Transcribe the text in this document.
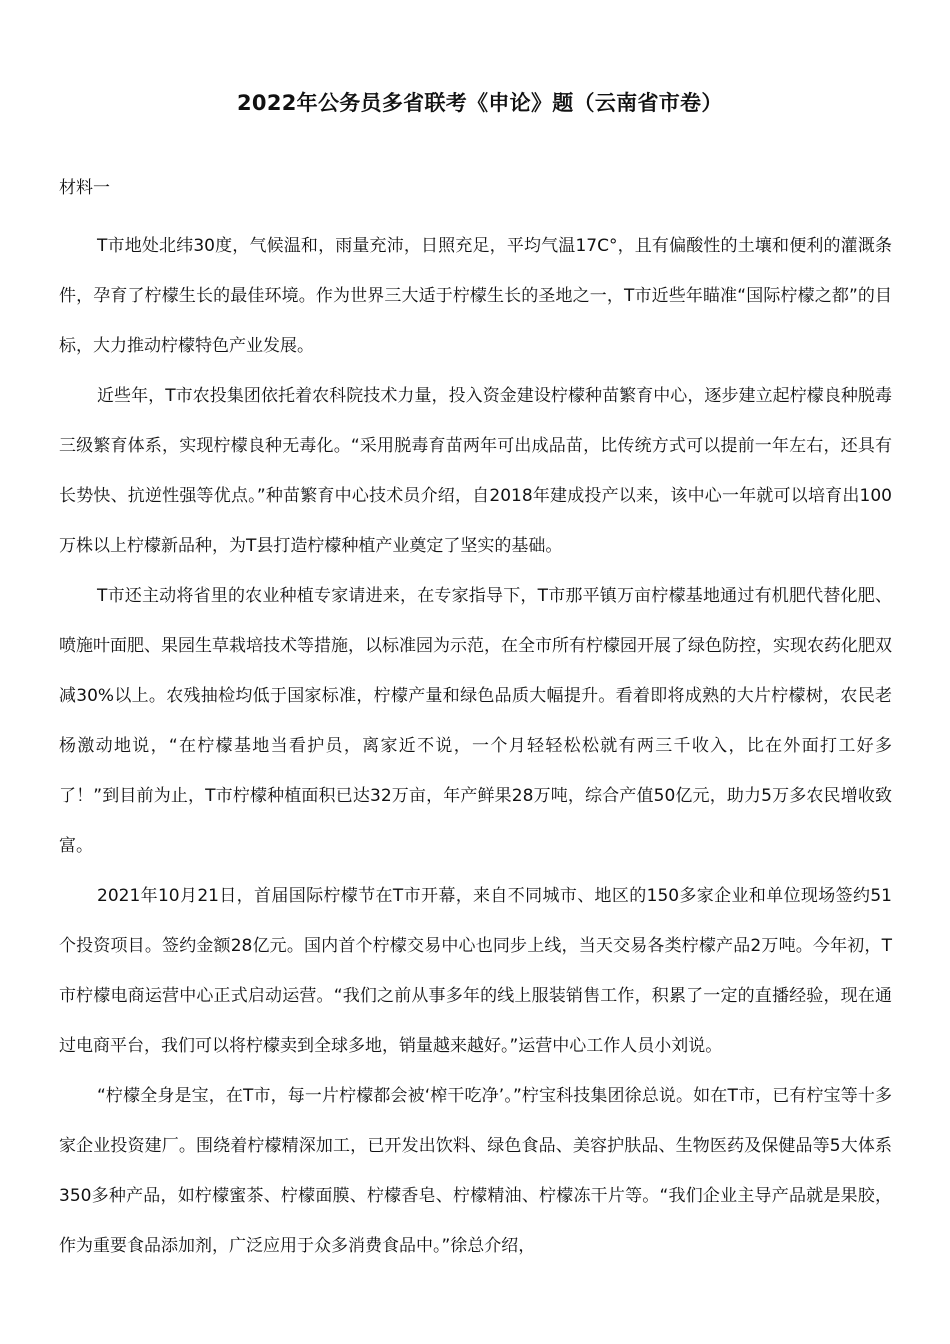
2022年公务员多省联考《申论》题（云南省市卷）

材料一

T市地处北纬30度，气候温和，雨量充沛，日照充足，平均气温17C°，且有偏酸性的土壤和便利的灌溉条件，孕育了柠檬生长的最佳环境。作为世界三大适于柠檬生长的圣地之一，T市近些年瞄准“国际柠檬之都”的目标，大力推动柠檬特色产业发展。

近些年，T市农投集团依托着农科院技术力量，投入资金建设柠檬种苗繁育中心，逐步建立起柠檬良种脱毒三级繁育体系，实现柠檬良种无毒化。“采用脱毒育苗两年可出成品苗，比传统方式可以提前一年左右，还具有长势快、抗逆性强等优点。”种苗繁育中心技术员介绍，自2018年建成投产以来，该中心一年就可以培育出100万株以上柠檬新品种，为T县打造柠檬种植产业奠定了坚实的基础。

T市还主动将省里的农业种植专家请进来，在专家指导下，T市那平镇万亩柠檬基地通过有机肥代替化肥、喷施叶面肥、果园生草栽培技术等措施，以标准园为示范，在全市所有柠檬园开展了绿色防控，实现农药化肥双减30%以上。农残抽检均低于国家标准，柠檬产量和绿色品质大幅提升。看着即将成熟的大片柠檬树，农民老杨激动地说，“在柠檬基地当看护员，离家近不说，一个月轻轻松松就有两三千收入，比在外面打工好多了！”到目前为止，T市柠檬种植面积已达32万亩，年产鲜果28万吨，综合产值50亿元，助力5万多农民增收致富。

2021年10月21日，首届国际柠檬节在T市开幕，来自不同城市、地区的150多家企业和单位现场签约51个投资项目。签约金额28亿元。国内首个柠檬交易中心也同步上线，当天交易各类柠檬产品2万吨。今年初，T市柠檬电商运营中心正式启动运营。“我们之前从事多年的线上服装销售工作，积累了一定的直播经验，现在通过电商平台，我们可以将柠檬卖到全球多地，销量越来越好。”运营中心工作人员小刘说。

“柠檬全身是宝，在T市，每一片柠檬都会被‘榨干吃净’。”柠宝科技集团徐总说。如在T市，已有柠宝等十多家企业投资建厂。围绕着柠檬精深加工，已开发出饮料、绿色食品、美容护肤品、生物医药及保健品等5大体系350多种产品，如柠檬蜜茶、柠檬面膜、柠檬香皂、柠檬精油、柠檬冻干片等。“我们企业主导产品就是果胶，作为重要食品添加剂，广泛应用于众多消费食品中。”徐总介绍，
